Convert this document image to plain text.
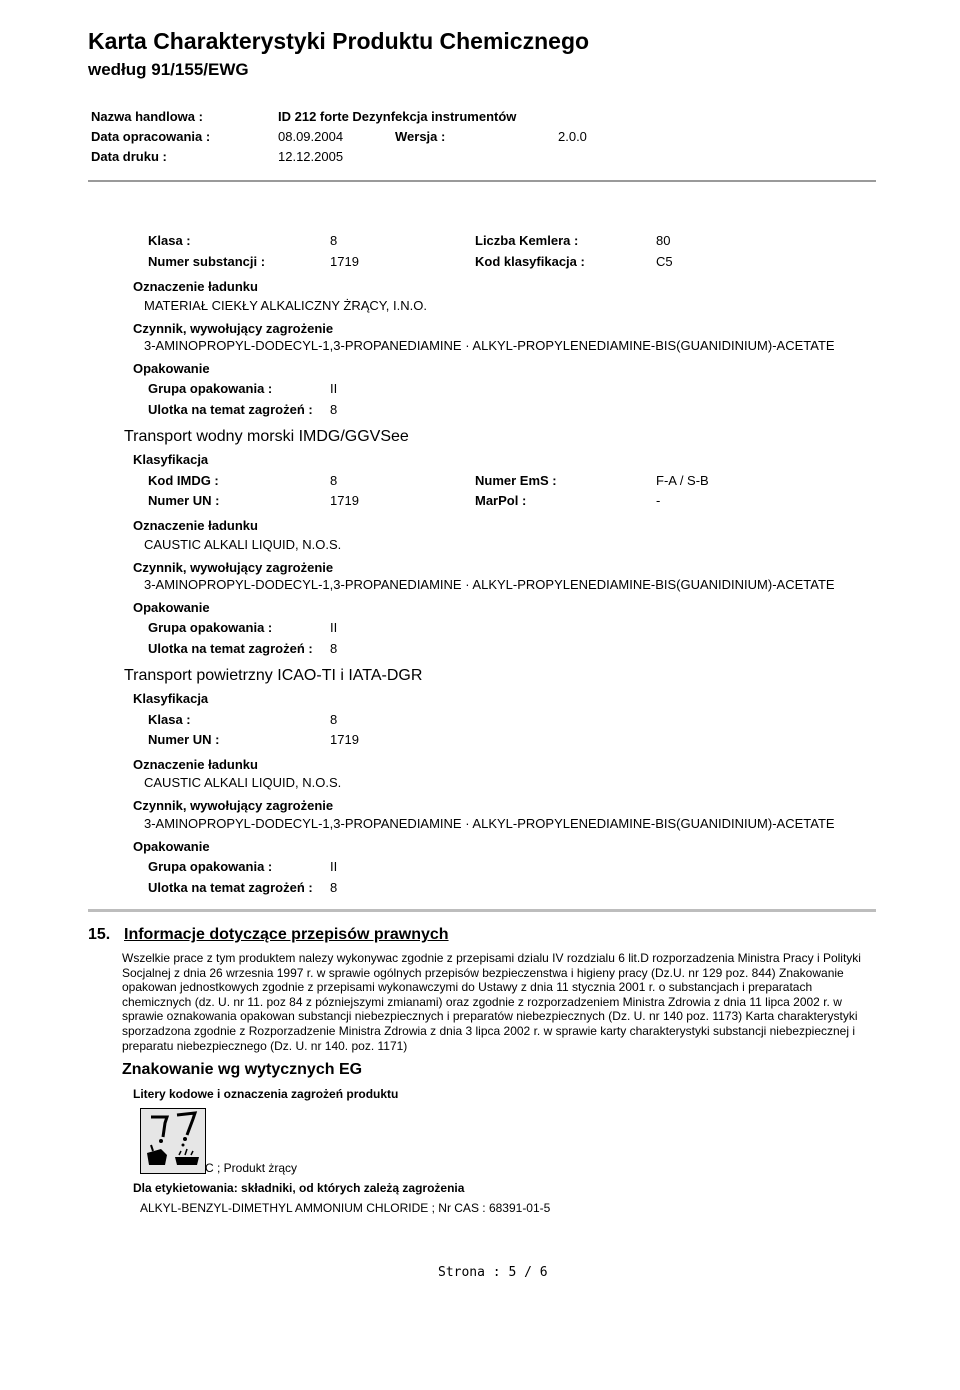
Karta Charakterystyki Produktu Chemicznego
według 91/155/EWG
Nazwa handlowa :	ID 212 forte Dezynfekcja instrumentów
Data opracowania :	08.09.2004	Wersja :	2.0.0
Data druku :	12.12.2005
Klasa :	8	Liczba Kemlera :	80
Numer substancji :	1719	Kod klasyfikacja :	C5
Oznaczenie ładunku
MATERIAŁ CIEKŁY ALKALICZNY ŻRĄCY, I.N.O.
Czynnik, wywołujący zagrożenie
3-AMINOPROPYL-DODECYL-1,3-PROPANEDIAMINE · ALKYL-PROPYLENEDIAMINE-BIS(GUANIDINIUM)-ACETATE
Opakowanie
Grupa opakowania :	II
Ulotka na temat zagrożeń : 8
Transport wodny morski IMDG/GGVSee
Klasyfikacja
Kod IMDG :	8	Numer EmS :	F-A / S-B
Numer UN :	1719	MarPol :	-
Oznaczenie ładunku
CAUSTIC ALKALI LIQUID, N.O.S.
Czynnik, wywołujący zagrożenie
3-AMINOPROPYL-DODECYL-1,3-PROPANEDIAMINE · ALKYL-PROPYLENEDIAMINE-BIS(GUANIDINIUM)-ACETATE
Opakowanie
Grupa opakowania :	II
Ulotka na temat zagrożeń : 8
Transport powietrzny ICAO-TI i IATA-DGR
Klasyfikacja
Klasa :	8
Numer UN :	1719
Oznaczenie ładunku
CAUSTIC ALKALI LIQUID, N.O.S.
Czynnik, wywołujący zagrożenie
3-AMINOPROPYL-DODECYL-1,3-PROPANEDIAMINE · ALKYL-PROPYLENEDIAMINE-BIS(GUANIDINIUM)-ACETATE
Opakowanie
Grupa opakowania :	II
Ulotka na temat zagrożeń : 8
15. Informacje dotyczące przepisów prawnych
Wszelkie prace z tym produktem nalezy wykonywac zgodnie z przepisami dzialu IV rozdzialu 6 lit.D rozporzadzenia Ministra Pracy i Polityki Socjalnej z dnia 26 wrzesnia 1997 r. w sprawie ogólnych przepisów bezpieczenstwa i higieny pracy (Dz.U. nr 129 poz. 844) Znakowanie opakowan jednostkowych zgodnie z przepisami wykonawczymi do Ustawy z dnia 11 stycznia 2001 r. o substancjach i preparatach chemicznych (dz. U. nr 11. poz 84 z pózniejszymi zmianami) oraz zgodnie z rozporzadzeniem Ministra Zdrowia z dnia 11 lipca 2002 r. w sprawie oznakowania opakowan substancji niebezpiecznych i preparatów niebezpiecznych (Dz. U. nr 140 poz. 1173) Karta charakterystyki sporzadzona zgodnie z Rozporzadzenie Ministra Zdrowia z dnia 3 lipca 2002 r. w sprawie karty charakterystyki substancji niebezpiecznej i preparatu niebezpiecznego (Dz. U. nr 140. poz. 1171)
Znakowanie wg wytycznych EG
Litery kodowe i oznaczenia zagrożeń produktu
C ; Produkt żrący
Dla etykietowania: składniki, od których zależą zagrożenia
ALKYL-BENZYL-DIMETHYL AMMONIUM CHLORIDE ; Nr CAS : 68391-01-5
Strona : 5 / 6
